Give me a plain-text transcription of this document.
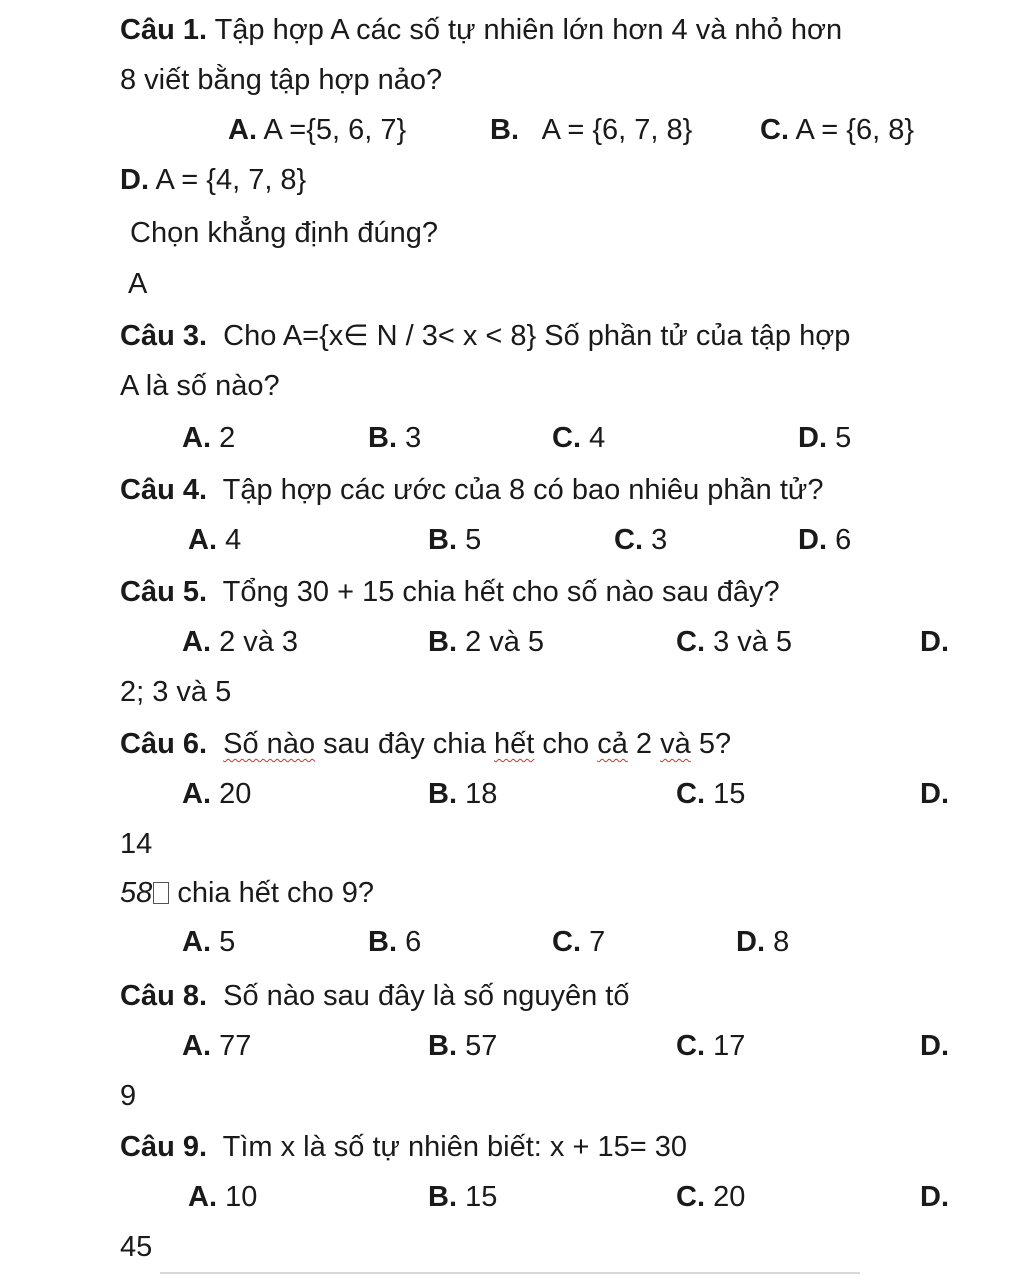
Câu 1. Tập hợp A các số tự nhiên lớn hơn 4 và nhỏ hơn
8 viết bằng tập hợp nảo?
A. A ={5, 6, 7}	B. A = {6, 7, 8} C. A = {6, 8}
D. A = {4, 7, 8}
Chọn khẳng định đúng?
A
Câu 3. Cho A={x∈ N / 3< x < 8} Số phần tử của tập hợp
A là số nào?
A. 2	B. 3	C. 4	D. 5
Câu 4. Tập hợp các ước của 8 có bao nhiêu phần tử?
A. 4	B. 5	C. 3	D. 6
Câu 5. Tổng 30 + 15 chia hết cho số nào sau đây?
A. 2 và 3	B. 2 và 5	C. 3 và 5	D.
2; 3 và 5
Câu 6. Số nào sau đây chia hết cho cả 2 và 5?
A. 20	B. 18	C. 15	D.
14
58 chia hết cho 9?
A. 5	B. 6	C. 7	D. 8
Câu 8. Số nào sau đây là số nguyên tố
A. 77	B. 57	C. 17	D.
9
Câu 9. Tìm x là số tự nhiên biết: x + 15= 30
A. 10	B. 15	C. 20	D.
45
